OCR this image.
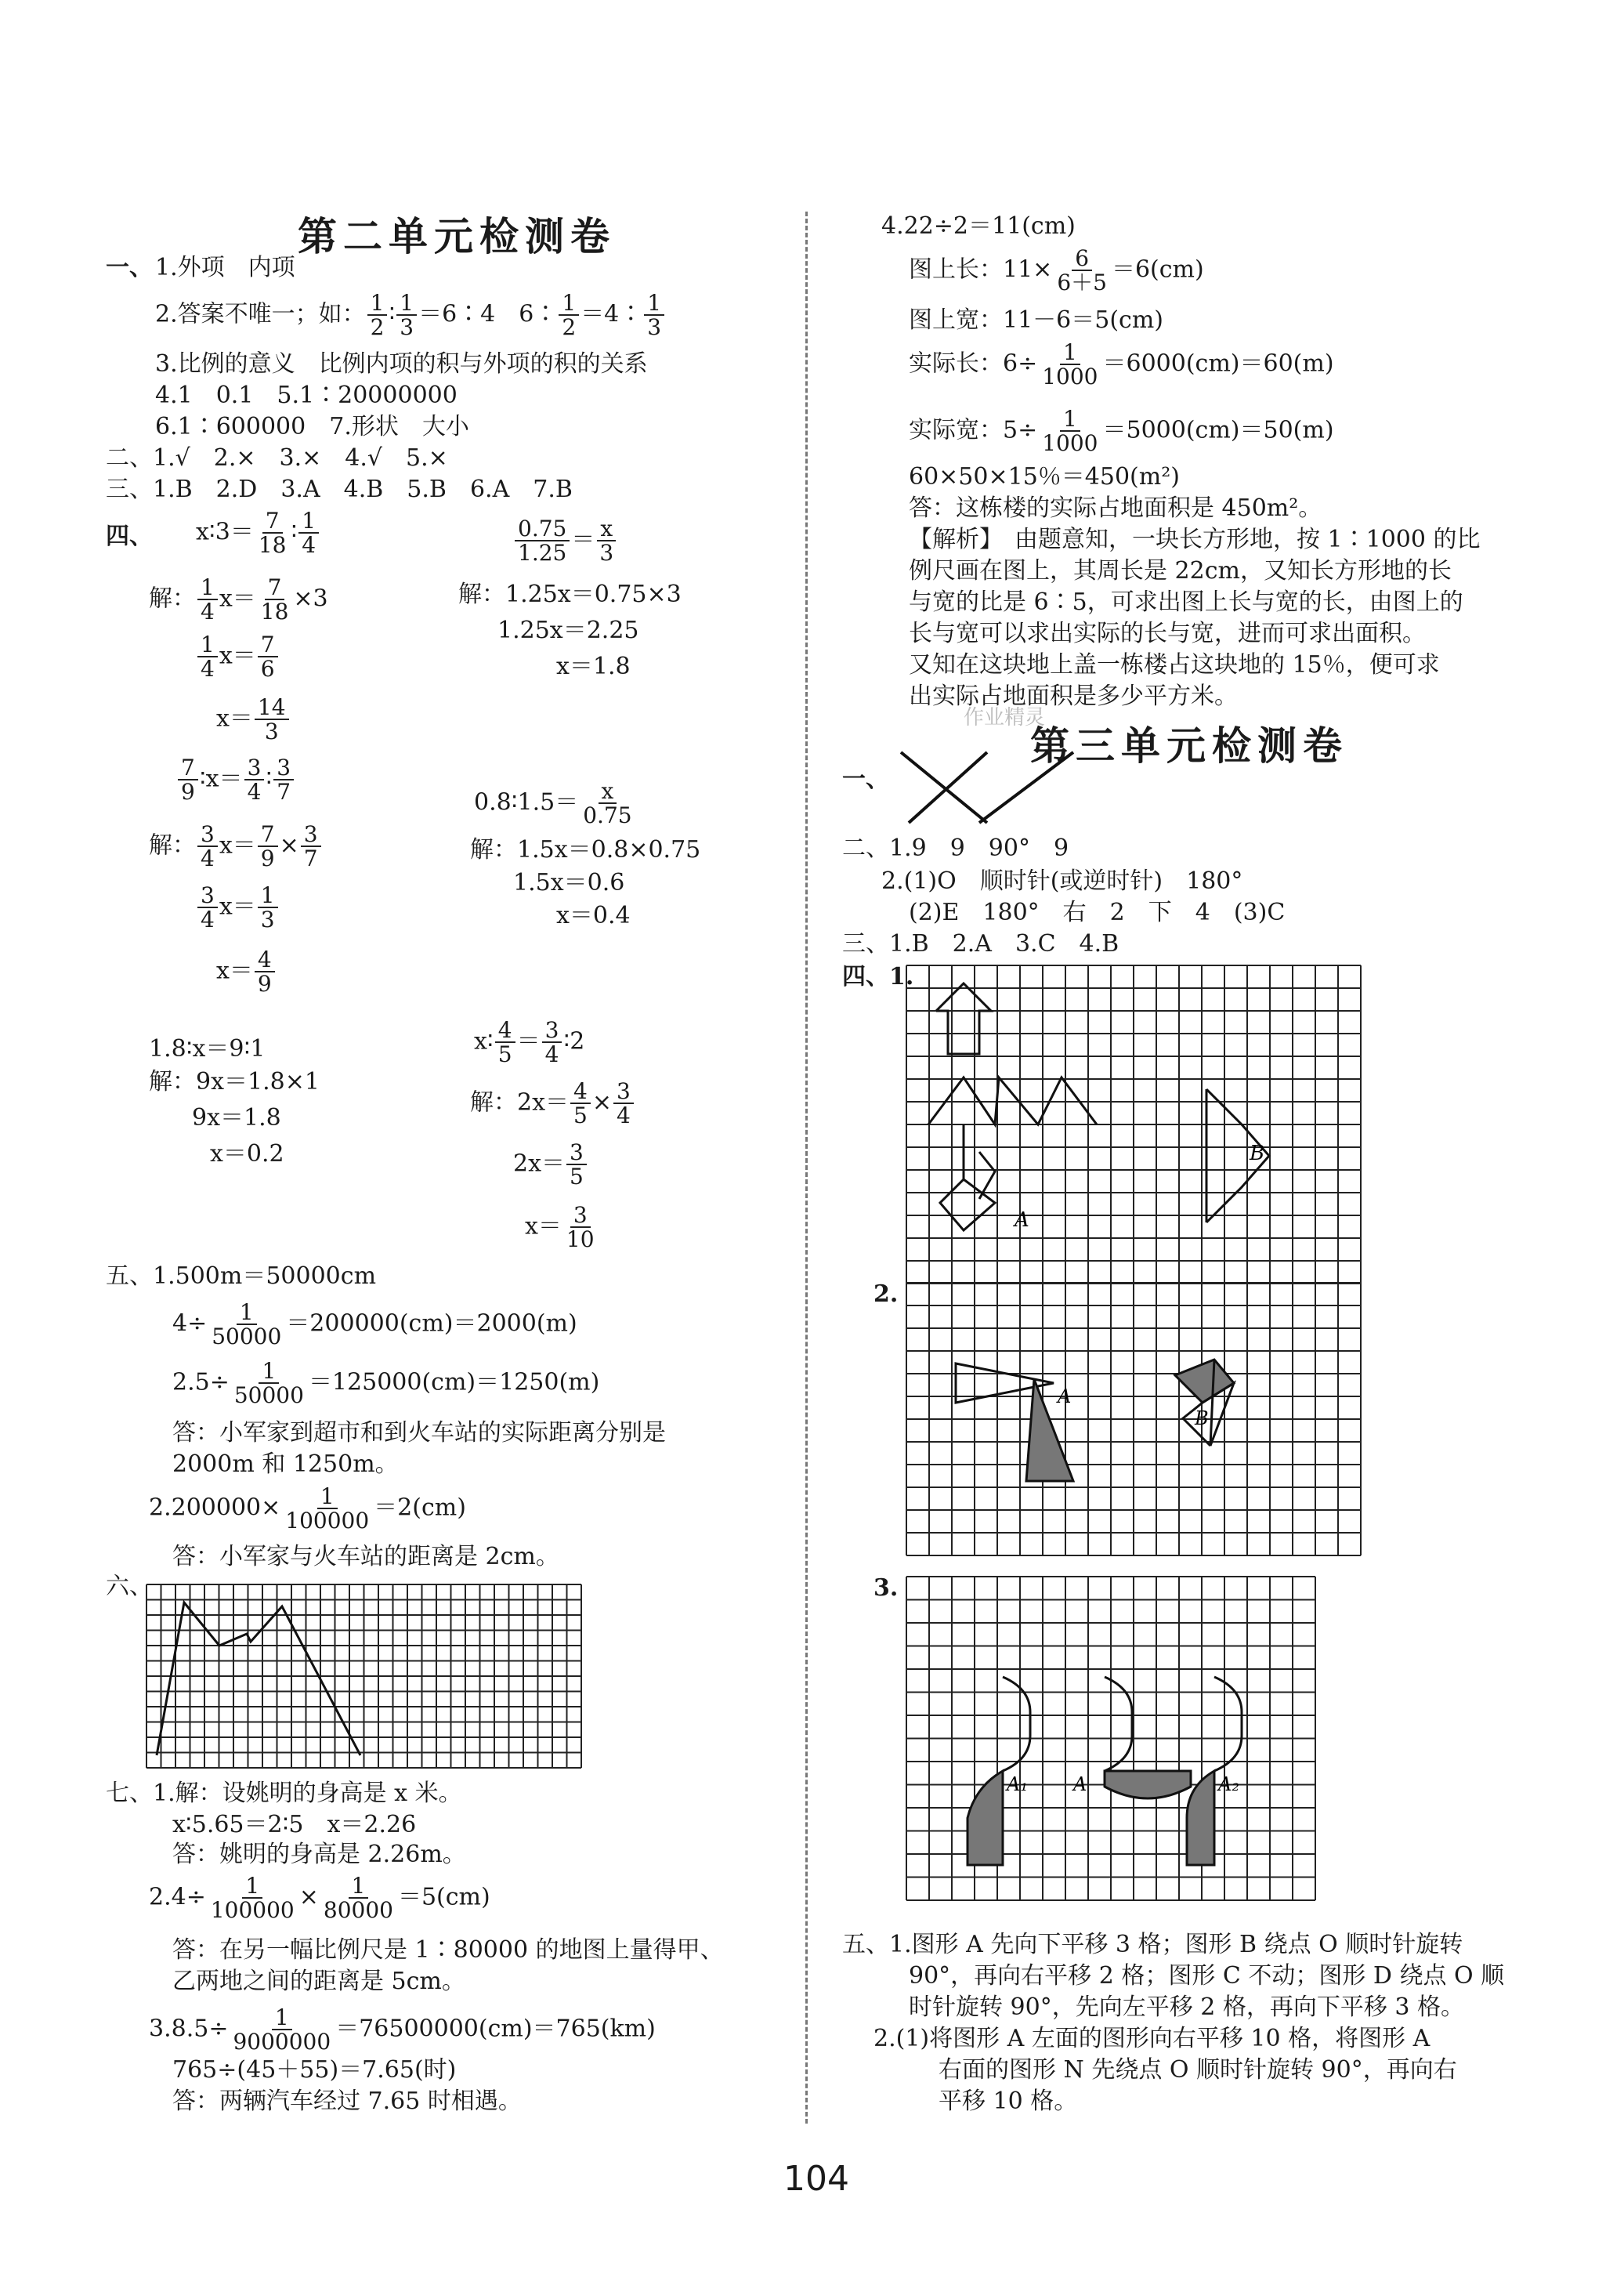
第二单元检测卷
一、 1.外项　内项
2.答案不唯一；如： $\frac{1}{2}$ ∶ $\frac{1}{3}$ ＝6∶4　6∶ $\frac{1}{2}$ ＝4∶ $\frac{1}{3}$
3.比例的意义　比例内项的积与外项的积的关系
4.1　0.1　5.1∶20000000
6.1∶600000　7.形状　大小
二、1.√　2.×　3.×　4.√　5.×
三、1.B　2.D　3.A　4.B　5.B　6.A　7.B
四、 x∶3＝ $\frac{7}{18}$ ∶ $\frac{1}{4}$
解： $\frac{1}{4} x= \frac{7}{18} \times 3$
$\frac{1}{4} x= \frac{7}{6}$
$x= \frac{14}{3}$
$\frac{0.75}{1.25} = \frac{x}{3}$
解：1.25x＝0.75×3
1.25x＝2.25
x＝1.8
$\frac{7}{9}$ ∶x＝ $\frac{3}{4}$ ∶ $\frac{3}{7}$
解： $\frac{3}{4} x= \frac{7}{9} \times \frac{3}{7}$
$\frac{3}{4} x= \frac{1}{3}$
$x= \frac{4}{9}$
0.8∶1.5＝ $\frac{x}{0.75}$
解：1.5x＝0.8×0.75
1.5x＝0.6
x＝0.4
1.8∶x＝9∶1
解：9x＝1.8×1
9x＝1.8
x＝0.2
x∶ $\frac{4}{5} = \frac{3}{4}$ ∶2
解：$2x= \frac{4}{5} \times \frac{3}{4}$
$2x= \frac{3}{5}$
$x= \frac{3}{10}$
五、1.500m＝50000cm
$4\div \frac{1}{50000} =200000(cm)=2000(m)$
$2.5\div \frac{1}{50000} =125000(cm)=1250(m)$
答：小军家到超市和到火车站的实际距离分别是
2000m 和 1250m。
$2.200000\times \frac{1}{100000} =2(cm)$
答：小军家与火车站的距离是 2cm。
六、
七、1.解：设姚明的身高是 x 米。
x∶5.65＝2∶5　x＝2.26
答：姚明的身高是 2.26m。
$2.4\div \frac{1}{100000} \times \frac{1}{80000} =5(cm)$
答：在另一幅比例尺是 1∶80000 的地图上量得甲、
乙两地之间的距离是 5cm。
$3.8.5\div \frac{1}{9000000} =76500000(cm)=765(km)$
765÷(45＋55)＝7.65(时)
答：两辆汽车经过 7.65 时相遇。
4.22÷2＝11(cm)
图上长：$11\times \frac{6}{6+5} =6(cm)$
图上宽：11－6＝5(cm)
实际长：$6\div \frac{1}{1000} =6000(cm)=60(m)$
实际宽：$5\div \frac{1}{1000} =5000(cm)=50(m)$
60×50×15％＝450(m²)
答：这栋楼的实际占地面积是 450m²。
【解析】　由题意知，一块长方形地，按 1∶1000 的比
例尺画在图上，其周长是 22cm，又知长方形地的长
与宽的比是 6∶5，可求出图上长与宽的长，由图上的
长与宽可以求出实际的长与宽，进而可求出面积。
又知在这块地上盖一栋楼占这块地的 15％，便可求
出实际占地面积是多少平方米。
第三单元检测卷
作业精灵
一、
二、1.9　9　90°　9
2.(1)O　顺时针(或逆时针)　180°
(2)E　180°　右　2　下　4　(3)C
三、1.B　2.A　3.C　4.B
四、1.
A
B
2.
A
B
3.
A₁ A	A₂
五、1.图形 A 先向下平移 3 格；图形 B 绕点 O 顺时针旋转
90°，再向右平移 2 格；图形 C 不动；图形 D 绕点 O 顺
时针旋转 90°，先向左平移 2 格，再向下平移 3 格。
2.(1)将图形 A 左面的图形向右平移 10 格，将图形 A
右面的图形 N 先绕点 O 顺时针旋转 90°，再向右
平移 10 格。
104
